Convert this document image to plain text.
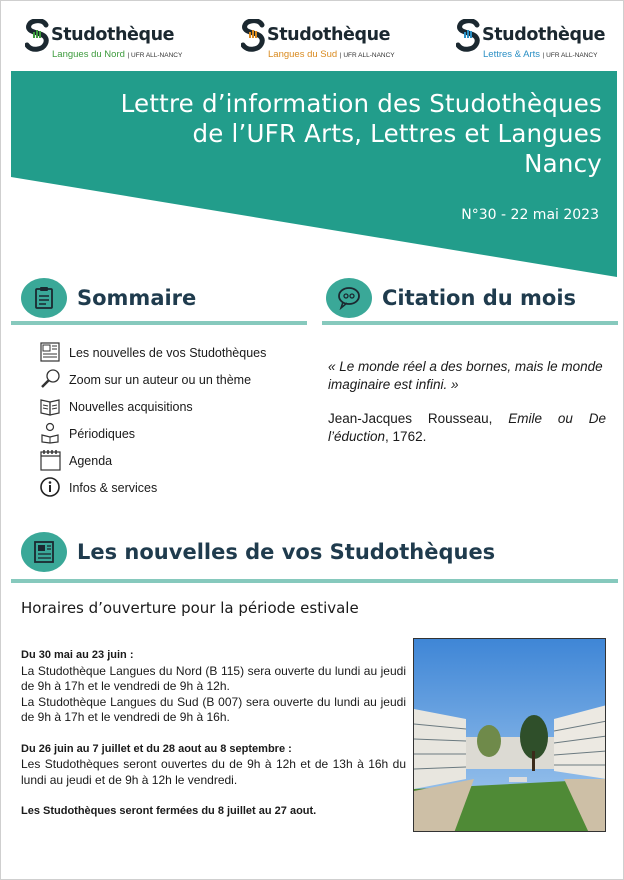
Studothèque
Langues du Nord | UFR ALL-NANCY
Studothèque
Langues du Sud | UFR ALL-NANCY
Studothèque
Lettres & Arts | UFR ALL-NANCY
Lettre d’information des Studothèques
de l’UFR Arts, Lettres et Langues
Nancy
N°30 - 22 mai 2023
Sommaire
Les nouvelles de vos Studothèques
Zoom sur un auteur ou un thème
Nouvelles acquisitions
Périodiques
Agenda
Infos & services
Citation du mois

« Le monde réel a des bornes, mais le monde imaginaire est infini. »

Jean-Jacques Rousseau, Emile ou De l’éduction, 1762.

Les nouvelles de vos Studothèques
Horaires d’ouverture pour la période estivale

Du 30 mai au 23 juin :

La Studothèque Langues du Nord (B 115) sera ouverte du lundi au jeudi de 9h à 17h et le vendredi de 9h à 12h.

La Studothèque Langues du Sud (B 007) sera ouverte du lundi au jeudi de 9h à 17h et le vendredi de 9h à 16h.

Du 26 juin au 7 juillet et du 28 aout au 8 septembre :

Les Studothèques seront ouvertes du de 9h à 12h et de 13h à 16h du lundi au jeudi et de 9h à 12h le vendredi.

Les Studothèques seront fermées du 8 juillet au 27 aout.
